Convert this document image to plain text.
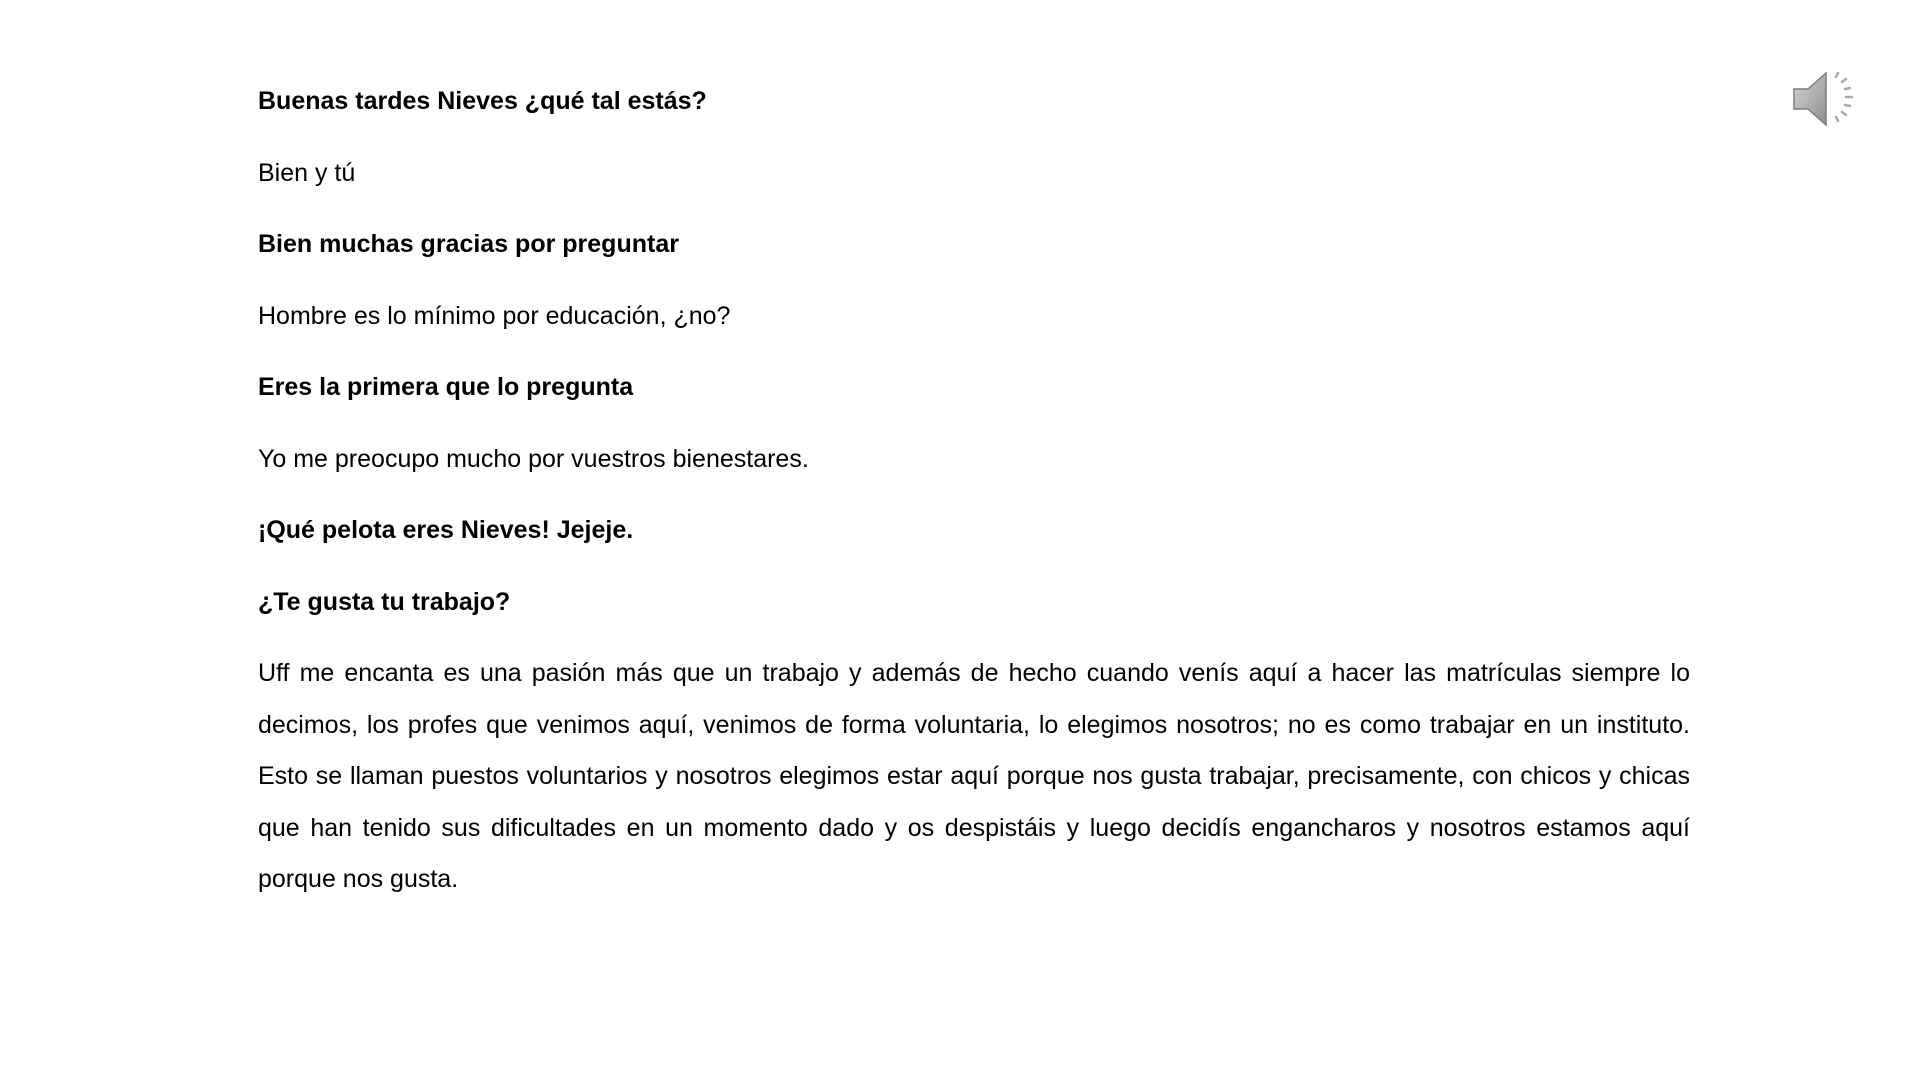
Buenas tardes Nieves ¿qué tal estás?

Bien y tú

Bien muchas gracias por preguntar

Hombre es lo mínimo por educación, ¿no?

Eres la primera que lo pregunta

Yo me preocupo mucho por vuestros bienestares.

¡Qué pelota eres Nieves! Jejeje.

¿Te gusta tu trabajo?

Uff me encanta es una pasión más que un trabajo y además de hecho cuando venís aquí a hacer las matrículas siempre lo decimos, los profes que venimos aquí, venimos de forma voluntaria, lo elegimos nosotros; no es como trabajar en un instituto. Esto se llaman puestos voluntarios y nosotros elegimos estar aquí porque nos gusta trabajar, precisamente, con chicos y chicas que han tenido sus dificultades en un momento dado y os despistáis y luego decidís engancharos y nosotros estamos aquí porque nos gusta.
